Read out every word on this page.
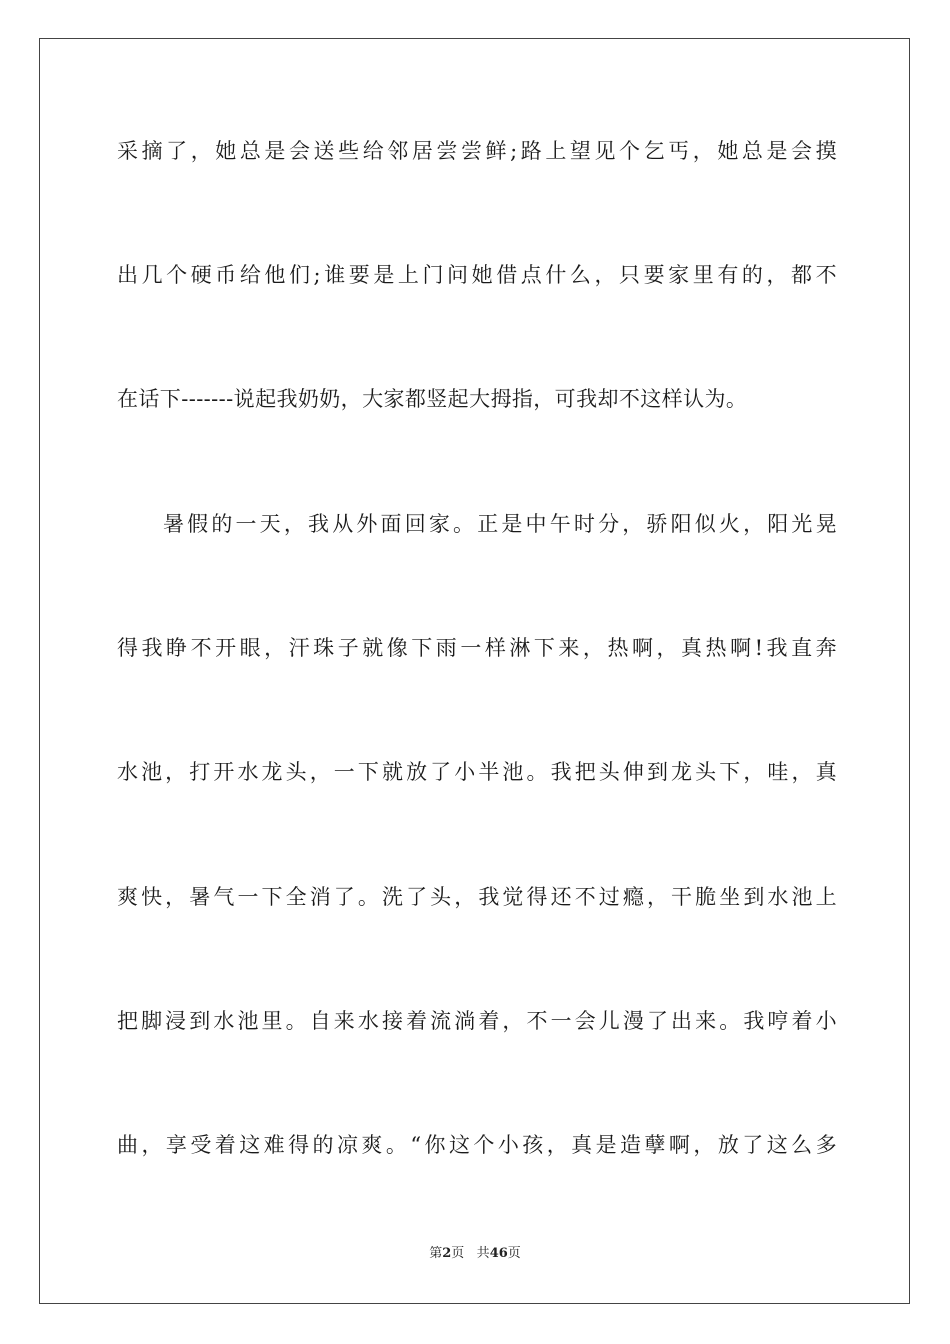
采摘了，她总是会送些给邻居尝尝鲜;路上望见个乞丐，她总是会摸
出几个硬币给他们;谁要是上门问她借点什么，只要家里有的，都不
在话下-------说起我奶奶，大家都竖起大拇指，可我却不这样认为。
暑假的一天，我从外面回家。正是中午时分，骄阳似火，阳光晃
得我睁不开眼，汗珠子就像下雨一样淋下来，热啊，真热啊!我直奔
水池，打开水龙头，一下就放了小半池。我把头伸到龙头下，哇，真
爽快，暑气一下全消了。洗了头，我觉得还不过瘾，干脆坐到水池上
把脚浸到水池里。自来水接着流淌着，不一会儿漫了出来。我哼着小
曲，享受着这难得的凉爽。“你这个小孩，真是造孽啊，放了这么多
第2页 共46页
